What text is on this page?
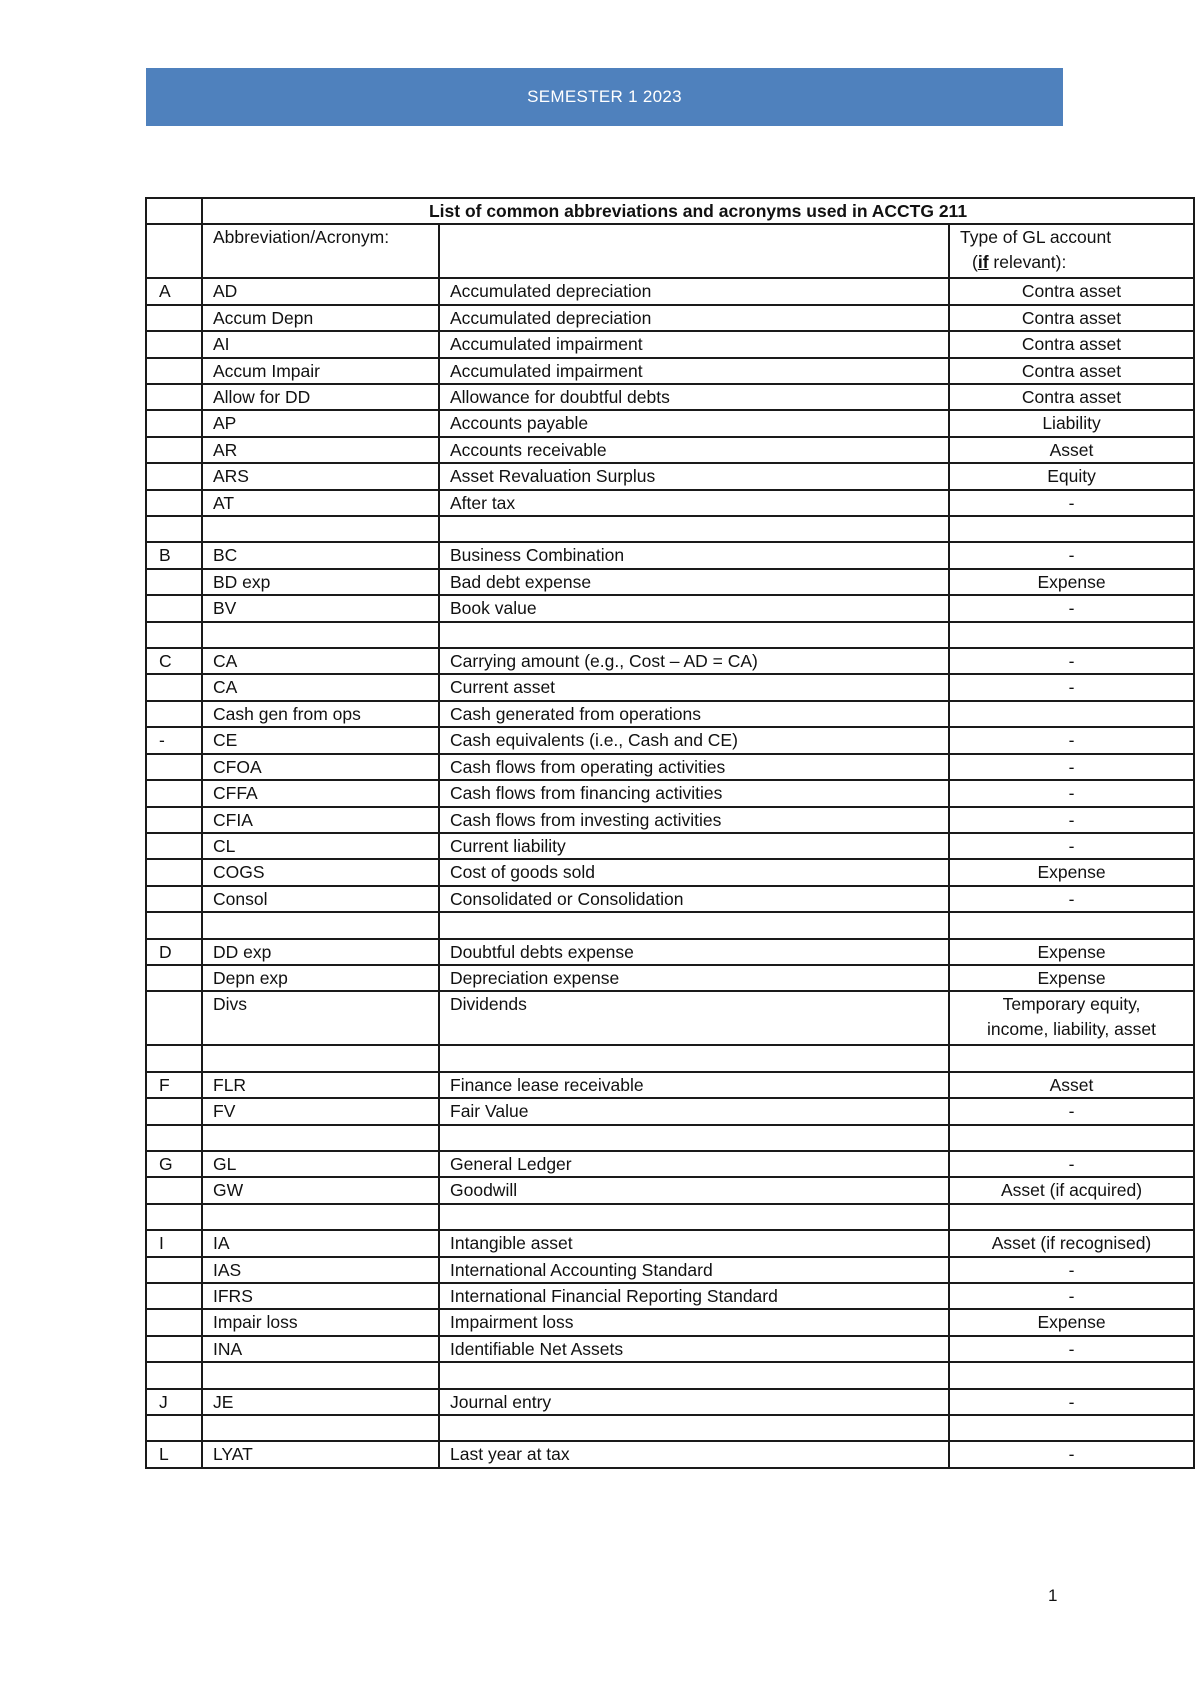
SEMESTER 1 2023
	List of common abbreviations and acronyms used in ACCTG 211		
	Abbreviation/Acronym:		Type of GL account
(if relevant):

A	AD	Accumulated depreciation	Contra asset
	Accum Depn	Accumulated depreciation	Contra asset
	AI	Accumulated impairment	Contra asset
	Accum Impair	Accumulated impairment	Contra asset
	Allow for DD	Allowance for doubtful debts	Contra asset
	AP	Accounts payable	Liability
	AR	Accounts receivable	Asset
	ARS	Asset Revaluation Surplus	Equity
	AT	After tax	-

B	BC	Business Combination	-
	BD exp	Bad debt expense	Expense
	BV	Book value	-

C	CA	Carrying amount (e.g., Cost – AD = CA)	-
	CA	Current asset	-
	Cash gen from ops	Cash generated from operations	
-	CE	Cash equivalents (i.e., Cash and CE)	-
	CFOA	Cash flows from operating activities	-
	CFFA	Cash flows from financing activities	-
	CFIA	Cash flows from investing activities	-
	CL	Current liability	-
	COGS	Cost of goods sold	Expense
	Consol	Consolidated or Consolidation	-

D	DD exp	Doubtful debts expense	Expense
	Depn exp	Depreciation expense	Expense
	Divs	Dividends	Temporary equity,
income, liability, asset

F	FLR	Finance lease receivable	Asset
	FV	Fair Value	-

G	GL	General Ledger	-
	GW	Goodwill	Asset (if acquired)

I	IA	Intangible asset	Asset (if recognised)
	IAS	International Accounting Standard	-
	IFRS	International Financial Reporting Standard	-
	Impair loss	Impairment loss	Expense
	INA	Identifiable Net Assets	-

J	JE	Journal entry	-

L	LYAT	Last year at tax	-
1
